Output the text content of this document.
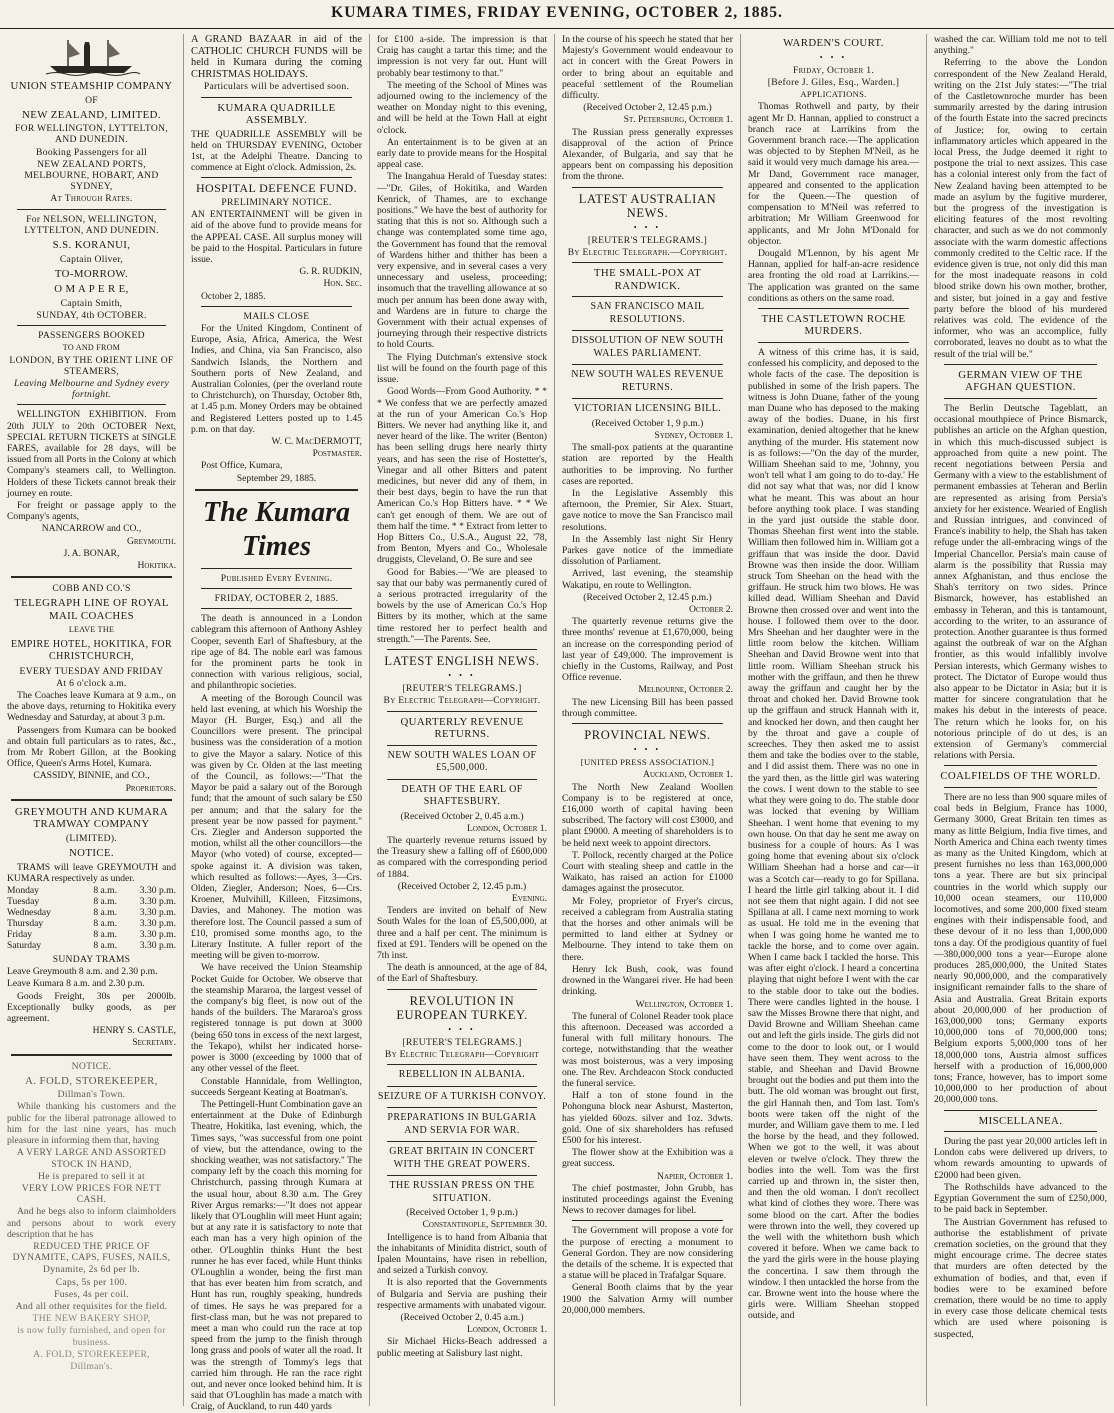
KUMARA TIMES, FRIDAY EVENING, OCTOBER 2, 1885.

UNION STEAMSHIP COMPANY

OF

NEW ZEALAND, LIMITED.

FOR WELLINGTON, LYTTELTON, AND DUNEDIN.

Booking Passengers for all

NEW ZEALAND PORTS, MELBOURNE, HOBART, AND SYDNEY,

At Through Rates.

For NELSON, WELLINGTON, LYTTELTON, AND DUNEDIN.

S.S. KORANUI,

Captain Oliver,

TO-MORROW.

O M A P E R E,

Captain Smith,

SUNDAY, 4th OCTOBER.

PASSENGERS BOOKED

TO AND FROM

LONDON, BY THE ORIENT LINE OF STEAMERS,

Leaving Melbourne and Sydney every fortnight.

WELLINGTON EXHIBITION. From 20th JULY to 20th OCTOBER Next, SPECIAL RETURN TICKETS at SINGLE FARES, available for 28 days, will be issued from all Ports in the Colony at which Company's steamers call, to Wellington. Holders of these Tickets cannot break their journey en route.

For freight or passage apply to the Company's agents,

NANCARROW and CO.,

Greymouth.

J. A. BONAR,

Hokitika.

COBB AND CO.'S

TELEGRAPH LINE OF ROYAL MAIL COACHES

LEAVE THE

EMPIRE HOTEL, HOKITIKA, FOR CHRISTCHURCH,

EVERY TUESDAY AND FRIDAY

At 6 o'clock a.m.

The Coaches leave Kumara at 9 a.m., on the above days, returning to Hokitika every Wednesday and Saturday, at about 3 p.m.

Passengers from Kumara can be booked and obtain full particulars as to rates, &c., from Mr Robert Gillon, at the Booking Office, Queen's Arms Hotel, Kumara.

CASSIDY, BINNIE, and CO.,

Proprietors.

GREYMOUTH AND KUMARA TRAMWAY COMPANY

(LIMITED).

NOTICE.

TRAMS will leave GREYMOUTH and KUMARA respectively as under.

Monday	8 a.m.	3.30 p.m.
Tuesday	8 a.m.	3.30 p.m.
Wednesday	8 a.m.	3.30 p.m.
Thursday	8 a.m.	3.30 p.m.
Friday	8 a.m.	3.30 p.m.
Saturday	8 a.m.	3.30 p.m.

SUNDAY TRAMS

Leave Greymouth 8 a.m. and 2.30 p.m.

Leave Kumara 8 a.m. and 2.30 p.m.

Goods Freight, 30s per 2000lb. Exceptionally bulky goods, as per agreement.

HENRY S. CASTLE,

Secretary.

NOTICE.

A. FOLD, STOREKEEPER,

Dillman's Town.

While thanking his customers and the public for the liberal patronage allowed to him for the last nine years, has much pleasure in informing them that, having

A VERY LARGE AND ASSORTED STOCK IN HAND,

He is prepared to sell it at

VERY LOW PRICES FOR NETT CASH.

And he begs also to inform claimholders and persons about to work every description that he has

REDUCED THE PRICE OF DYNAMITE, CAPS, FUSES, NAILS,

Dynamite, 2s 6d per lb.

Caps, 5s per 100.

Fuses, 4s per coil.

And all other requisites for the field.

THE NEW BAKERY SHOP,

is now fully furnished, and open for business.

A. FOLD, STOREKEEPER,

Dillman's.

A GRAND BAZAAR in aid of the CATHOLIC CHURCH FUNDS will be held in Kumara during the coming CHRISTMAS HOLIDAYS.

Particulars will be advertised soon.

KUMARA QUADRILLE ASSEMBLY.

THE QUADRILLE ASSEMBLY will be held on THURSDAY EVENING, October 1st, at the Adelphi Theatre. Dancing to commence at Eight o'clock. Admission, 2s.

HOSPITAL DEFENCE FUND.

PRELIMINARY NOTICE.

AN ENTERTAINMENT will be given in aid of the above fund to provide means for the APPEAL CASE. All surplus money will be paid to the Hospital. Particulars in future issue.

G. R. RUDKIN,

Hon. Sec.

October 2, 1885.

MAILS CLOSE

For the United Kingdom, Continent of Europe, Asia, Africa, America, the West Indies, and China, via San Francisco, also Sandwich Islands, the Northern and Southern ports of New Zealand, and Australian Colonies, (per the overland route to Christchurch), on Thursday, October 8th, at 1.45 p.m. Money Orders may be obtained and Registered Letters posted up to 1.45 p.m. on that day.

W. C. MacDERMOTT,

Postmaster.

Post Office, Kumara,

September 29, 1885.

The Kumara Times

Published Every Evening.

FRIDAY, OCTOBER 2, 1885.

The death is announced in a London cablegram this afternoon of Anthony Ashley Cooper, seventh Earl of Shaftesbury, at the ripe age of 84. The noble earl was famous for the prominent parts he took in connection with various religious, social, and philanthropic societies.

A meeting of the Borough Council was held last evening, at which his Worship the Mayor (H. Burger, Esq.) and all the Councillors were present. The principal business was the consideration of a motion to give the Mayor a salary. Notice of this was given by Cr. Olden at the last meeting of the Council, as follows:—"That the Mayor be paid a salary out of the Borough fund; that the amount of such salary be £50 per annum; and that the salary for the present year be now passed for payment." Crs. Ziegler and Anderson supported the motion, whilst all the other councillors—the Mayor (who voted) of course, excepted—spoke against it. A division was taken, which resulted as follows:—Ayes, 3—Crs. Olden, Ziegler, Anderson; Noes, 6—Crs. Kroener, Mulvihill, Killeen, Fitzsimons, Davies, and Mahoney. The motion was therefore lost. The Council passed a sum of £10, promised some months ago, to the Literary Institute. A fuller report of the meeting will be given to-morrow.

We have received the Union Steamship Pocket Guide for October. We observe that the steamship Mararoa, the largest vessel of the company's big fleet, is now out of the hands of the builders. The Mararoa's gross registered tonnage is put down at 3000 (being 650 tons in excess of the next largest, the Tekapo), whilst her indicated horse-power is 3000 (exceeding by 1000 that of any other vessel of the fleet.

Constable Hannidale, from Wellington, succeeds Sergeant Keating at Boatman's.

The Pettingell-Hunt Combination gave an entertainment at the Duke of Edinburgh Theatre, Hokitika, last evening, which, the Times says, "was successful from one point of view, but the attendance, owing to the shocking weather, was not satisfactory." The company left by the coach this morning for Christchurch, passing through Kumara at the usual hour, about 8.30 a.m. The Grey River Argus remarks:—"It does not appear likely that O'Loughlin will meet Hunt again; but at any rate it is satisfactory to note that each man has a very high opinion of the other. O'Loughlin thinks Hunt the best runner he has ever faced, while Hunt thinks O'Loughlin a wonder, being the first man that has ever beaten him from scratch, and Hunt has run, roughly speaking, hundreds of times. He says he was prepared for a first-class man, but he was not prepared to meet a man who could run the race at top speed from the jump to the finish through long grass and pools of water all the road. It was the strength of Tommy's legs that carried him through. He ran the race right out, and never once looked behind him. It is said that O'Loughlin has made a match with Craig, of Auckland, to run 440 yards

for £100 a-side. The impression is that Craig has caught a tartar this time; and the impression is not very far out. Hunt will probably bear testimony to that."

The meeting of the School of Mines was adjourned owing to the inclemency of the weather on Monday night to this evening, and will be held at the Town Hall at eight o'clock.

An entertainment is to be given at an early date to provide means for the Hospital appeal case.

The Inangahua Herald of Tuesday states:—"Dr. Giles, of Hokitika, and Warden Kenrick, of Thames, are to exchange positions." We have the best of authority for stating that this is not so. Although such a change was contemplated some time ago, the Government has found that the removal of Wardens hither and thither has been a very expensive, and in several cases a very unnecessary and useless, proceeding; insomuch that the travelling allowance at so much per annum has been done away with, and Wardens are in future to charge the Government with their actual expenses of journeying through their respective districts to hold Courts.

The Flying Dutchman's extensive stock list will be found on the fourth page of this issue.

Good Words—From Good Authority. * * * We confess that we are perfectly amazed at the run of your American Co.'s Hop Bitters. We never had anything like it, and never heard of the like. The writer (Benton) has been selling drugs here nearly thirty years, and has seen the rise of Hostetter's, Vinegar and all other Bitters and patent medicines, but never did any of them, in their best days, begin to have the run that American Co.'s Hop Bitters have. * * We can't get enough of them. We are out of them half the time. * * Extract from letter to Hop Bitters Co., U.S.A., August 22, '78, from Benton, Myers and Co., Wholesale druggists, Cleveland, O. Be sure and see

Good for Babies.—"We are pleased to say that our baby was permanently cured of a serious protracted irregularity of the bowels by the use of American Co.'s Hop Bitters by its mother, which at the same time restored her to perfect health and strength."—The Parents. See.

LATEST ENGLISH NEWS.

• • •

[REUTER'S TELEGRAMS.]

By Electric Telegraph—Copyright.

QUARTERLY REVENUE RETURNS.

NEW SOUTH WALES LOAN OF £5,500,000.

DEATH OF THE EARL OF SHAFTESBURY.

(Received October 2, 0.45 a.m.)

London, October 1.

The quarterly revenue returns issued by the Treasury shew a falling off of £600,000 as compared with the corresponding period of 1884.

(Received October 2, 12.45 p.m.)

Evening.

Tenders are invited on behalf of New South Wales for the loan of £5,500,000, at three and a half per cent. The minimum is fixed at £91. Tenders will be opened on the 7th inst.

The death is announced, at the age of 84, of the Earl of Shaftesbury.

REVOLUTION IN EUROPEAN TURKEY.

• • •

[REUTER'S TELEGRAMS.]

By Electric Telegraph—Copyright

REBELLION IN ALBANIA.

SEIZURE OF A TURKISH CONVOY.

PREPARATIONS IN BULGARIA AND SERVIA FOR WAR.

GREAT BRITAIN IN CONCERT WITH THE GREAT POWERS.

THE RUSSIAN PRESS ON THE SITUATION.

(Received October 1, 9 p.m.)

Constantinople, September 30.

Intelligence is to hand from Albania that the inhabitants of Minidita district, south of Ipalen Mountains, have risen in rebellion, and seized a Turkish convoy.

It is also reported that the Governments of Bulgaria and Servia are pushing their respective armaments with unabated vigour.

(Received October 2, 0.45 a.m.)

London, October 1.

Sir Michael Hicks-Beach addressed a public meeting at Salisbury last night.

In the course of his speech he stated that her Majesty's Government would endeavour to act in concert with the Great Powers in order to bring about an equitable and peaceful settlement of the Roumelian difficulty.

(Received October 2, 12.45 p.m.)

St. Petersburg, October 1.

The Russian press generally expresses disapproval of the action of Prince Alexander, of Bulgaria, and say that he appears bent on compassing his deposition from the throne.

LATEST AUSTRALIAN NEWS.

• • •

[REUTER'S TELEGRAMS.]

By Electric Telegraph.—Copyright.

THE SMALL-POX AT RANDWICK.

SAN FRANCISCO MAIL RESOLUTIONS.

DISSOLUTION OF NEW SOUTH WALES PARLIAMENT.

NEW SOUTH WALES REVENUE RETURNS.

VICTORIAN LICENSING BILL.

(Received October 1, 9 p.m.)

Sydney, October 1.

The small-pox patients at the quarantine station are reported by the Health authorities to be improving. No further cases are reported.

In the Legislative Assembly this afternoon, the Premier, Sir Alex. Stuart, gave notice to move the San Francisco mail resolutions.

In the Assembly last night Sir Henry Parkes gave notice of the immediate dissolution of Parliament.

Arrived, last evening, the steamship Wakatipu, en route to Wellington.

(Received October 2, 12.45 p.m.)

October 2.

The quarterly revenue returns give the three months' revenue at £1,670,000, being an increase on the corresponding period of last year of £49,000. The improvement is chiefly in the Customs, Railway, and Post Office revenue.

Melbourne, October 2.

The new Licensing Bill has been passed through committee.

PROVINCIAL NEWS.

• • •

[UNITED PRESS ASSOCIATION.]

Auckland, October 1.

The North New Zealand Woollen Company is to be registered at once, £16,000 worth of capital having been subscribed. The factory will cost £3000, and plant £9000. A meeting of shareholders is to be held next week to appoint directors.

T. Pollock, recently charged at the Police Court with stealing sheep and cattle in the Waikato, has raised an action for £1000 damages against the prosecutor.

Mr Foley, proprietor of Fryer's circus, received a cablegram from Australia stating that the horses and other animals will be permitted to land either at Sydney or Melbourne. They intend to take them on there.

Henry Ick Bush, cook, was found drowned in the Wangarei river. He had been drinking.

Wellington, October 1.

The funeral of Colonel Reader took place this afternoon. Deceased was accorded a funeral with full military honours. The cortege, notwithstanding that the weather was most boisterous, was a very imposing one. The Rev. Archdeacon Stock conducted the funeral service.

Half a ton of stone found in the Pohonguna block near Ashurst, Masterton, has yielded 60ozs. silver and 1oz. 3dwts. gold. One of six shareholders has refused £500 for his interest.

The flower show at the Exhibition was a great success.

Napier, October 1.

The chief postmaster, John Grubb, has instituted proceedings against the Evening News to recover damages for libel.

The Government will propose a vote for the purpose of erecting a monument to General Gordon. They are now considering the details of the scheme. It is expected that a statue will be placed in Trafalgar Square.

General Booth claims that by the year 1900 the Salvation Army will number 20,000,000 members.

WARDEN'S COURT.

• • •

Friday, October 1.

[Before J. Giles, Esq., Warden.]

APPLICATIONS.

Thomas Rothwell and party, by their agent Mr D. Hannan, applied to construct a branch race at Larrikins from the Government branch race.—The application was objected to by Stephen M'Neil, as he said it would very much damage his area.—Mr Dand, Government race manager, appeared and consented to the application for the Queen.—The question of compensation to M'Neil was referred to arbitration; Mr William Greenwood for applicants, and Mr John M'Donald for objector.

Dougald M'Lennon, by his agent Mr Hannan, applied for half-an-acre residence area fronting the old road at Larrikins.—The application was granted on the same conditions as others on the same road.

THE CASTLETOWN ROCHE MURDERS.

A witness of this crime has, it is said, confessed his complicity, and deposed to the whole facts of the case. The deposition is published in some of the Irish papers. The witness is John Duane, father of the young man Duane who has deposed to the making away of the bodies. Duane, in his first examination, denied altogether that he knew anything of the murder. His statement now is as follows:—"On the day of the murder, William Sheehan said to me, 'Johnny, you won't tell what I am going to do to-day.' He did not say what that was, nor did I know what he meant. This was about an hour before anything took place. I was standing in the yard just outside the stable door. Thomas Sheehan first went into the stable. William then followed him in. William got a griffaun that was inside the door. David Browne was then inside the door. William struck Tom Sheehan on the head with the griffaun. He struck him two blows. He was killed dead. William Sheehan and David Browne then crossed over and went into the house. I followed them over to the door. Mrs Sheehan and her daughter were in the little room below the kitchen. William Sheehan and David Browne went into that little room. William Sheehan struck his mother with the griffaun, and then he threw away the griffaun and caught her by the throat and choked her. David Browne took up the griffaun and struck Hannah with it, and knocked her down, and then caught her by the throat and gave a couple of screeches. They then asked me to assist them and take the bodies over to the stable, and I did assist them. There was no one in the yard then, as the little girl was watering the cows. I went down to the stable to see what they were going to do. The stable door was locked that evening by William Sheehan. I went home that evening to my own house. On that day he sent me away on business for a couple of hours. As I was going home that evening about six o'clock William Sheehan had a horse and car—it was a Scotch car—ready to go for Spillana. I heard the little girl talking about it. I did not see them that night again. I did not see Spillana at all. I came next morning to work as usual. He told me in the evening that when I was going home he wanted me to tackle the horse, and to come over again. When I came back I tackled the horse. This was after eight o'clock. I heard a concertina playing that night before I went with the car to the stable door to take out the bodies. There were candles lighted in the house. I saw the Misses Browne there that night, and David Browne and William Sheehan came out and left the girls inside. The girls did not come to the door to look out, or I would have seen them. They went across to the stable, and Sheehan and David Browne brought out the bodies and put them into the butt. The old woman was brought out first, the girl Hannah then, and Tom last. Tom's boots were taken off the night of the murder, and William gave them to me. I led the horse by the head, and they followed. When we got to the well, it was about eleven or twelve o'clock. They threw the bodies into the well. Tom was the first carried up and thrown in, the sister then, and then the old woman. I don't recollect what kind of clothes they wore. There was some blood on the cart. After the bodies were thrown into the well, they covered up the well with the whitethorn bush which covered it before. When we came back to the yard the girls were in the house playing the concertina. I saw them through the window. I then untackled the horse from the car. Browne went into the house where the girls were. William Sheehan stopped outside, and

washed the car. William told me not to tell anything."

Referring to the above the London correspondent of the New Zealand Herald, writing on the 21st July states:—"The trial of the Castletownroche murder has been summarily arrested by the daring intrusion of the fourth Estate into the sacred precincts of Justice; for, owing to certain inflammatory articles which appeared in the local Press, the Judge deemed it right to postpone the trial to next assizes. This case has a colonial interest only from the fact of New Zealand having been attempted to be made an asylum by the fugitive murderer, but the progress of the investigation is eliciting features of the most revolting character, and such as we do not commonly associate with the warm domestic affections commonly credited to the Celtic race. If the evidence given is true, not only did this man for the most inadequate reasons in cold blood strike down his own mother, brother, and sister, but joined in a gay and festive party before the blood of his murdered relatives was cold. The evidence of the informer, who was an accomplice, fully corroborated, leaves no doubt as to what the result of the trial will be."

GERMAN VIEW OF THE AFGHAN QUESTION.

The Berlin Deutsche Tageblatt, an occasional mouthpiece of Prince Bismarck, publishes an article on the Afghan question, in which this much-discussed subject is approached from quite a new point. The recent negotiations between Persia and Germany with a view to the establishment of permanent embassies at Teheran and Berlin are represented as arising from Persia's anxiety for her existence. Wearied of English and Russian intrigues, and convinced of France's inability to help, the Shah has taken refuge under the all-embracing wings of the Imperial Chancellor. Persia's main cause of alarm is the possibility that Russia may annex Afghanistan, and thus enclose the Shah's territory on two sides. Prince Bismarck, however, has established an embassy in Teheran, and this is tantamount, according to the writer, to an assurance of protection. Another guarantee is thus formed against the outbreak of war on the Afghan frontier, as this would infallibly involve Persian interests, which Germany wishes to protect. The Dictator of Europe would thus also appear to be Dictator in Asia; but it is matter for sincere congratulation that he makes his debut in the interests of peace. The return which he looks for, on his notorious principle of do ut des, is an extension of Germany's commercial relations with Persia.

COALFIELDS OF THE WORLD.

There are no less than 900 square miles of coal beds in Belgium, France has 1000, Germany 3000, Great Britain ten times as many as little Belgium, India five times, and North America and China each twenty times as many as the United Kingdom, which at present furnishes no less than 163,000,000 tons a year. There are but six principal countries in the world which supply our 10,000 ocean steamers, our 110,000 locomotives, and some 200,000 fixed steam engines with their indispensable food, and these devour of it no less than 1,000,000 tons a day. Of the prodigious quantity of fuel—380,000,000 tons a year—Europe alone produces 285,000,000, the United States nearly 90,000,000, and the comparatively insignificant remainder falls to the share of Asia and Australia. Great Britain exports about 20,000,000 of her production of 163,000,000 tons; Germany exports 10,000,000 tons of 70,000,000 tons; Belgium exports 5,000,000 tons of her 18,000,000 tons, Austria almost suffices herself with a production of 16,000,000 tons; France, however, has to import some 10,000,000 to her production of about 20,000,000 tons.

MISCELLANEA.

During the past year 20,000 articles left in London cabs were delivered up drivers, to whom rewards amounting to upwards of £2000 had been given.

The Rothschilds have advanced to the Egyptian Government the sum of £250,000, to be paid back in September.

The Austrian Government has refused to authorise the establishment of private cremation societies, on the ground that they might encourage crime. The decree states that murders are often detected by the exhumation of bodies, and that, even if bodies were to be examined before cremation, there would be no time to apply in every case those delicate chemical tests which are used where poisoning is suspected,
